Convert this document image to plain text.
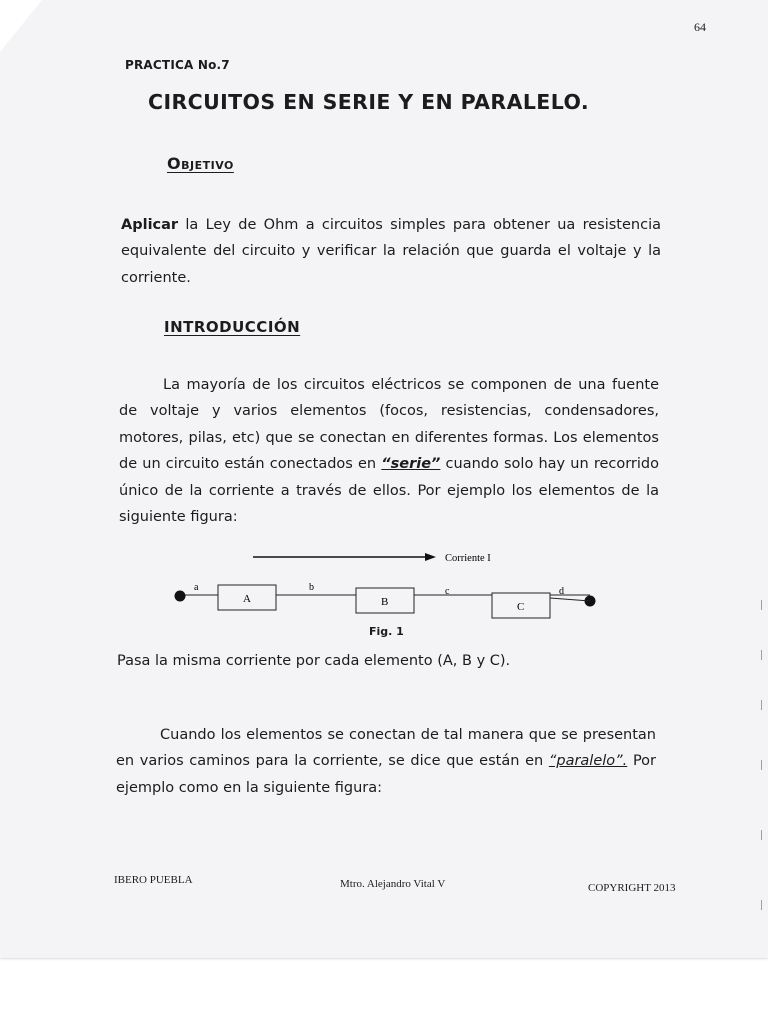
64
PRACTICA No.7
CIRCUITOS EN SERIE Y EN PARALELO.
Objetivo

Aplicar la Ley de Ohm a circuitos simples para obtener ua resistencia equivalente del circuito y verificar la relación que guarda el voltaje y la corriente.

INTRODUCCIÓN

La mayoría de los circuitos eléctricos se componen de una fuente de voltaje y varios elementos (focos, resistencias, condensadores, motores, pilas, etc) que se conectan en diferentes formas. Los elementos de un circuito están conectados en “serie” cuando solo hay un recorrido único de la corriente a través de ellos. Por ejemplo los elementos de la siguiente figura:

Corriente I
A	B	C
a	b	c	d
Fig. 1

Pasa la misma corriente por cada elemento (A, B y C).

Cuando los elementos se conectan de tal manera que se presentan en varios caminos para la corriente, se dice que están en “paralelo”. Por ejemplo como en la siguiente figura:

IBERO PUEBLA	Mtro. Alejandro Vital V	COPYRIGHT 2013
